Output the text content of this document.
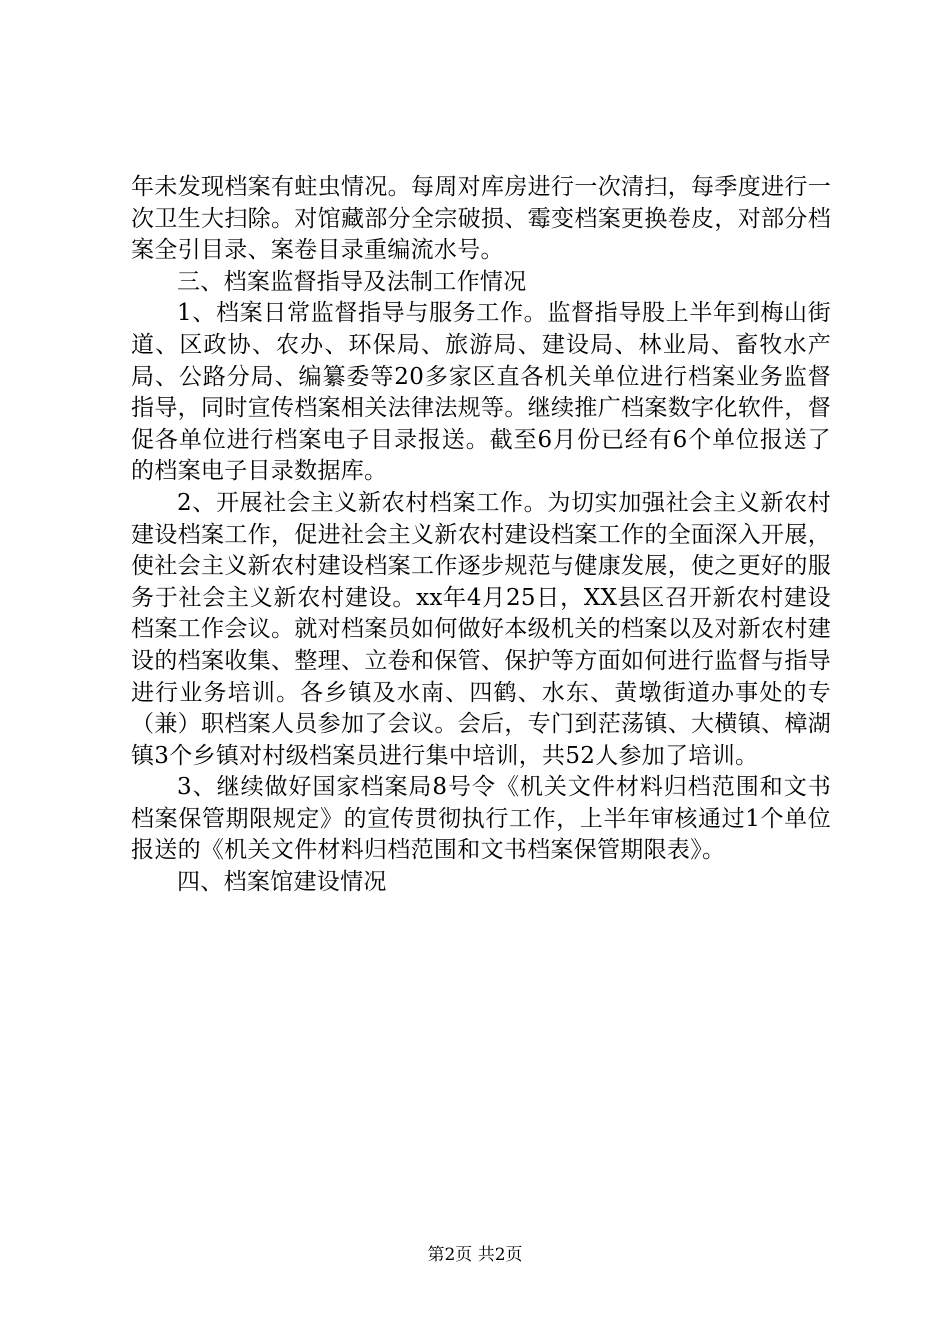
年未发现档案有蛀虫情况。每周对库房进行一次清扫，每季度进行一次卫生大扫除。对馆藏部分全宗破损、霉变档案更换卷皮，对部分档案全引目录、案卷目录重编流水号。

三、档案监督指导及法制工作情况

1、档案日常监督指导与服务工作。监督指导股上半年到梅山街道、区政协、农办、环保局、旅游局、建设局、林业局、畜牧水产局、公路分局、编纂委等20多家区直各机关单位进行档案业务监督指导，同时宣传档案相关法律法规等。继续推广档案数字化软件，督促各单位进行档案电子目录报送。截至6月份已经有6个单位报送了的档案电子目录数据库。

2、开展社会主义新农村档案工作。为切实加强社会主义新农村建设档案工作，促进社会主义新农村建设档案工作的全面深入开展，使社会主义新农村建设档案工作逐步规范与健康发展，使之更好的服务于社会主义新农村建设。xx年4月25日，XX县区召开新农村建设档案工作会议。就对档案员如何做好本级机关的档案以及对新农村建设的档案收集、整理、立卷和保管、保护等方面如何进行监督与指导进行业务培训。各乡镇及水南、四鹤、水东、黄墩街道办事处的专（兼）职档案人员参加了会议。会后，专门到茫荡镇、大横镇、樟湖镇3个乡镇对村级档案员进行集中培训，共52人参加了培训。

3、继续做好国家档案局8号令《机关文件材料归档范围和文书档案保管期限规定》的宣传贯彻执行工作，上半年审核通过1个单位报送的《机关文件材料归档范围和文书档案保管期限表》。

四、档案馆建设情况

第2页 共2页
